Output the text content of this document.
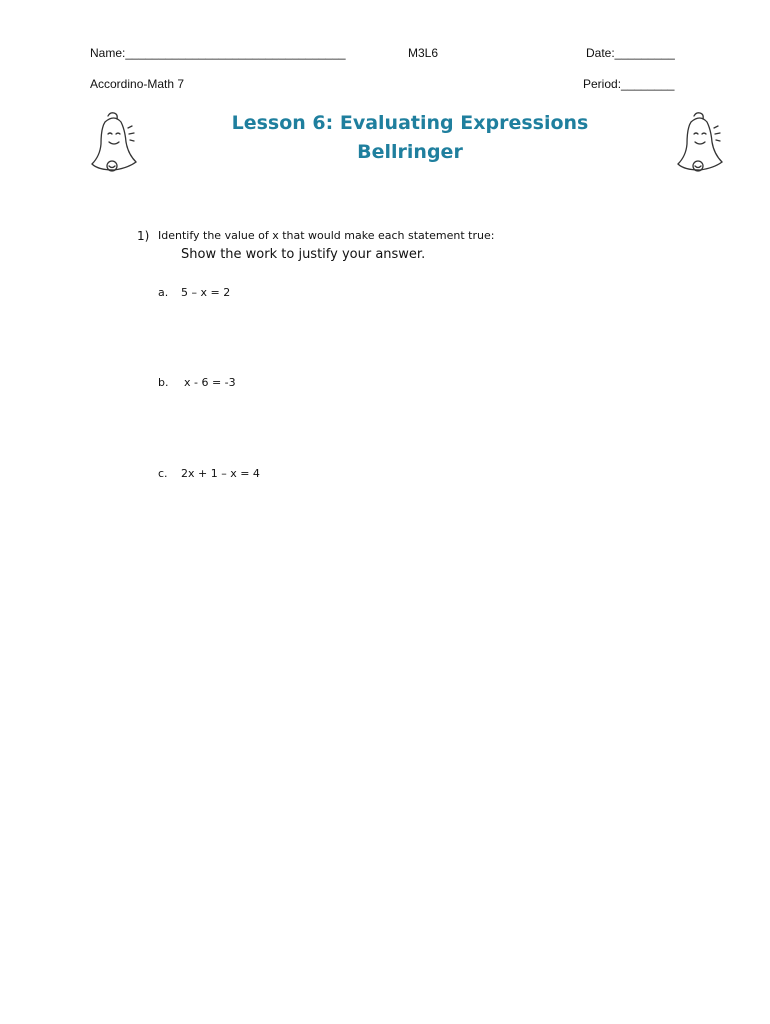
Name:_________________________________	M3L6	Date:_________
Accordino-Math 7	Period:________
Lesson 6: Evaluating Expressions
Bellringer
1) Identify the value of x that would make each statement true:
Show the work to justify your answer.
a. 5 – x = 2
b. x - 6 = -3
c. 2x + 1 – x = 4
